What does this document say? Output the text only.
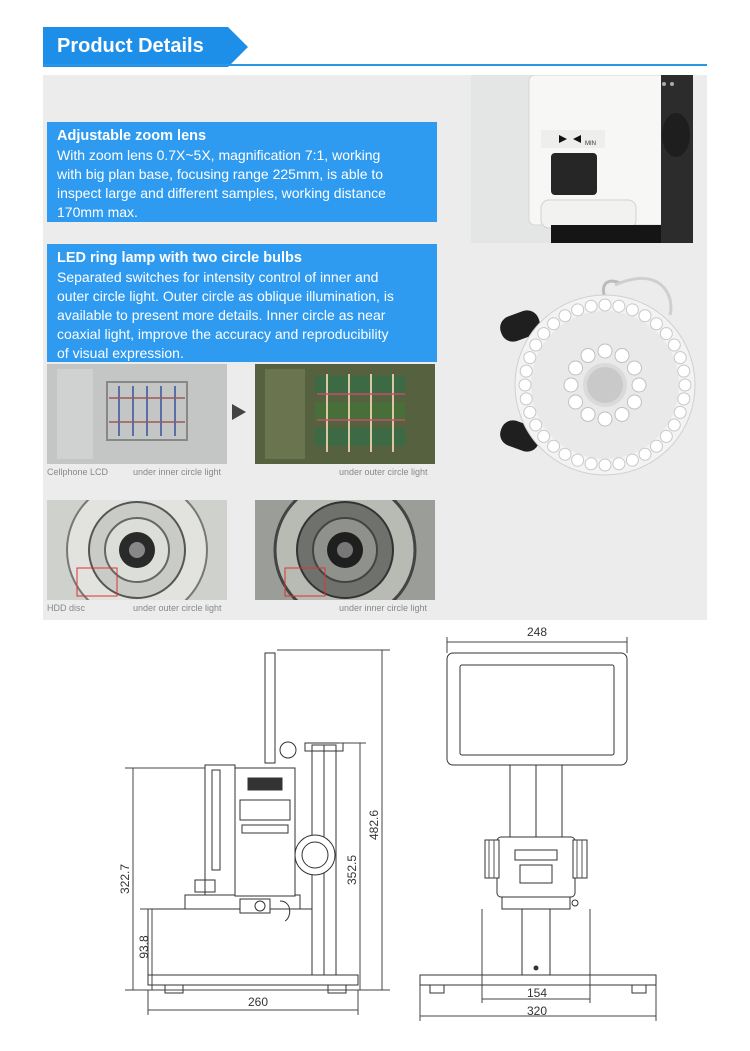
Product Details
MIN
Adjustable zoom lens
With zoom lens 0.7X~5X, magnification 7:1, working
with big plan base, focusing range 225mm, is able to
inspect large and different samples, working distance
170mm max.
LED ring lamp with two circle bulbs
Separated switches for intensity control of inner and
outer circle light. Outer circle as oblique illumination, is
available to present more details. Inner circle as near
coaxial light, improve the accuracy and reproducibility
of visual expression.
Cellphone LCD	under inner circle light	under outer circle light
HDD disc	under outer circle light	under inner circle light
482.6
352.5
322.7
93.8
260
248
154
320
